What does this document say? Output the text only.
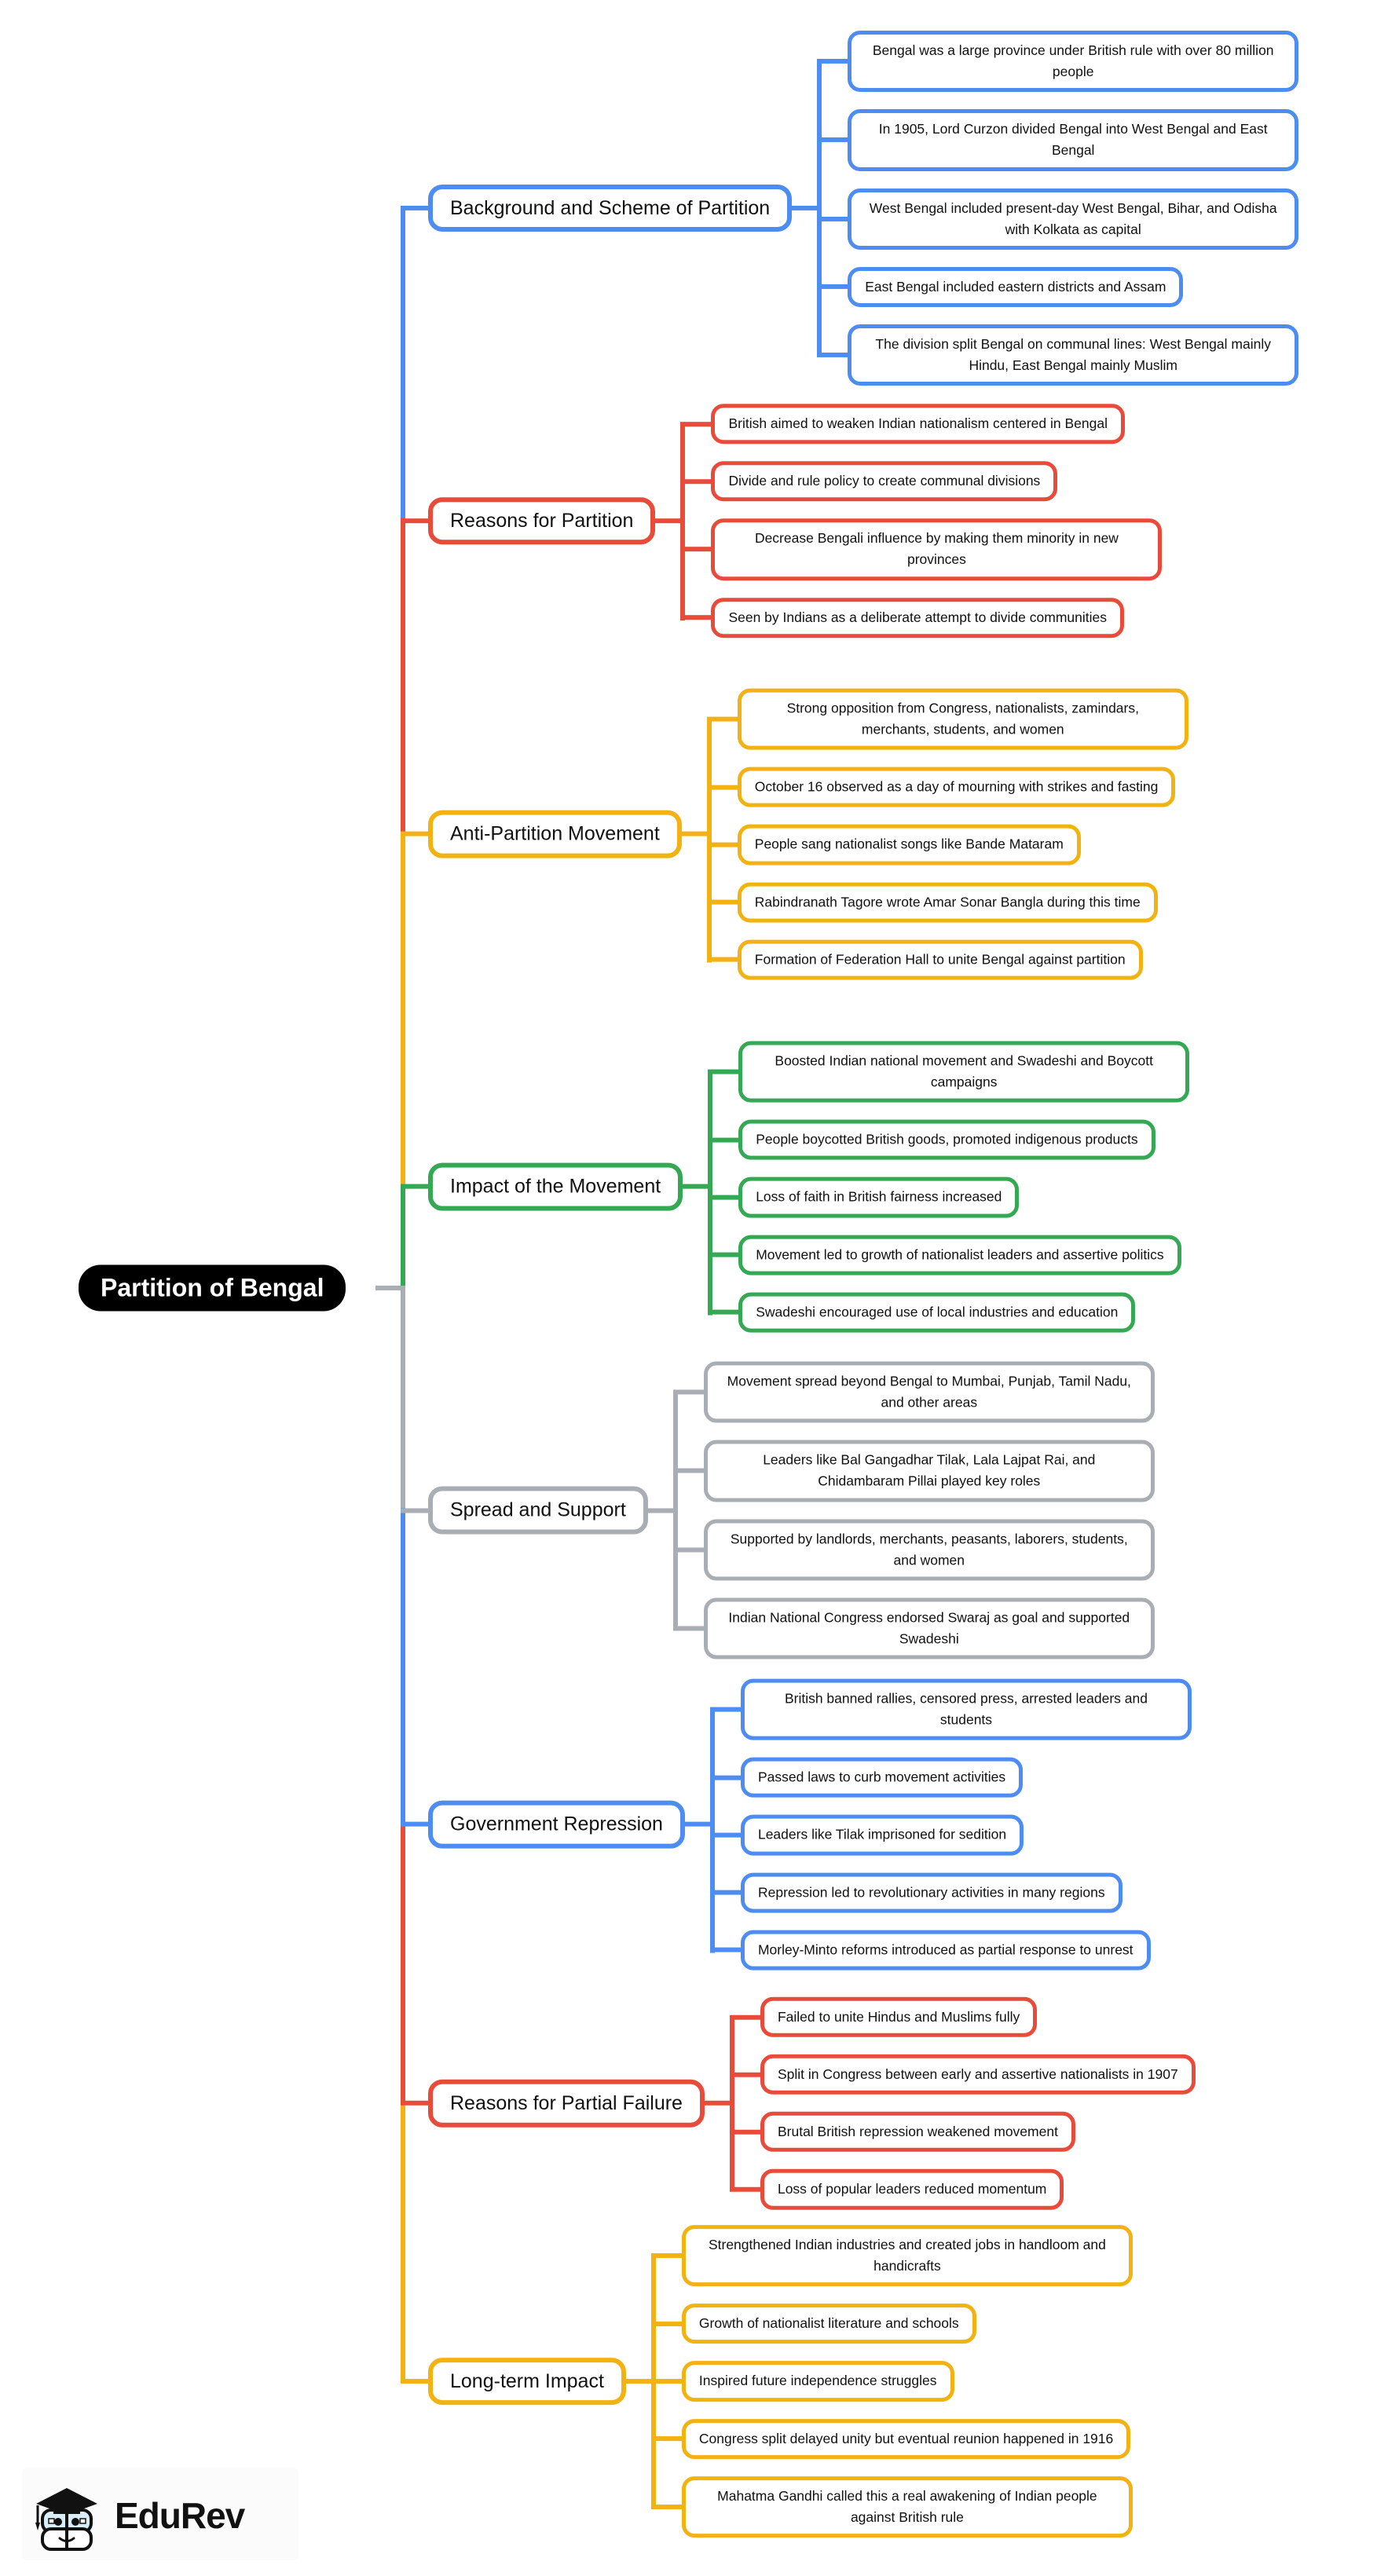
Partition of Bengal
Background and Scheme of Partition
Bengal was a large province under British rule with over 80 million people
In 1905, Lord Curzon divided Bengal into West Bengal and East Bengal
West Bengal included present-day West Bengal, Bihar, and Odisha with Kolkata as capital
East Bengal included eastern districts and Assam
The division split Bengal on communal lines: West Bengal mainly Hindu, East Bengal mainly Muslim
Reasons for Partition
British aimed to weaken Indian nationalism centered in Bengal
Divide and rule policy to create communal divisions
Decrease Bengali influence by making them minority in new provinces
Seen by Indians as a deliberate attempt to divide communities
Anti-Partition Movement
Strong opposition from Congress, nationalists, zamindars, merchants, students, and women
October 16 observed as a day of mourning with strikes and fasting
People sang nationalist songs like Bande Mataram
Rabindranath Tagore wrote Amar Sonar Bangla during this time
Formation of Federation Hall to unite Bengal against partition
Impact of the Movement
Boosted Indian national movement and Swadeshi and Boycott campaigns
People boycotted British goods, promoted indigenous products
Loss of faith in British fairness increased
Movement led to growth of nationalist leaders and assertive politics
Swadeshi encouraged use of local industries and education
Spread and Support
Movement spread beyond Bengal to Mumbai, Punjab, Tamil Nadu, and other areas
Leaders like Bal Gangadhar Tilak, Lala Lajpat Rai, and Chidambaram Pillai played key roles
Supported by landlords, merchants, peasants, laborers, students, and women
Indian National Congress endorsed Swaraj as goal and supported Swadeshi
Government Repression
British banned rallies, censored press, arrested leaders and students
Passed laws to curb movement activities
Leaders like Tilak imprisoned for sedition
Repression led to revolutionary activities in many regions
Morley-Minto reforms introduced as partial response to unrest
Reasons for Partial Failure
Failed to unite Hindus and Muslims fully
Split in Congress between early and assertive nationalists in 1907
Brutal British repression weakened movement
Loss of popular leaders reduced momentum
Long-term Impact
Strengthened Indian industries and created jobs in handloom and handicrafts
Growth of nationalist literature and schools
Inspired future independence struggles
Congress split delayed unity but eventual reunion happened in 1916
Mahatma Gandhi called this a real awakening of Indian people against British rule
EduRev
